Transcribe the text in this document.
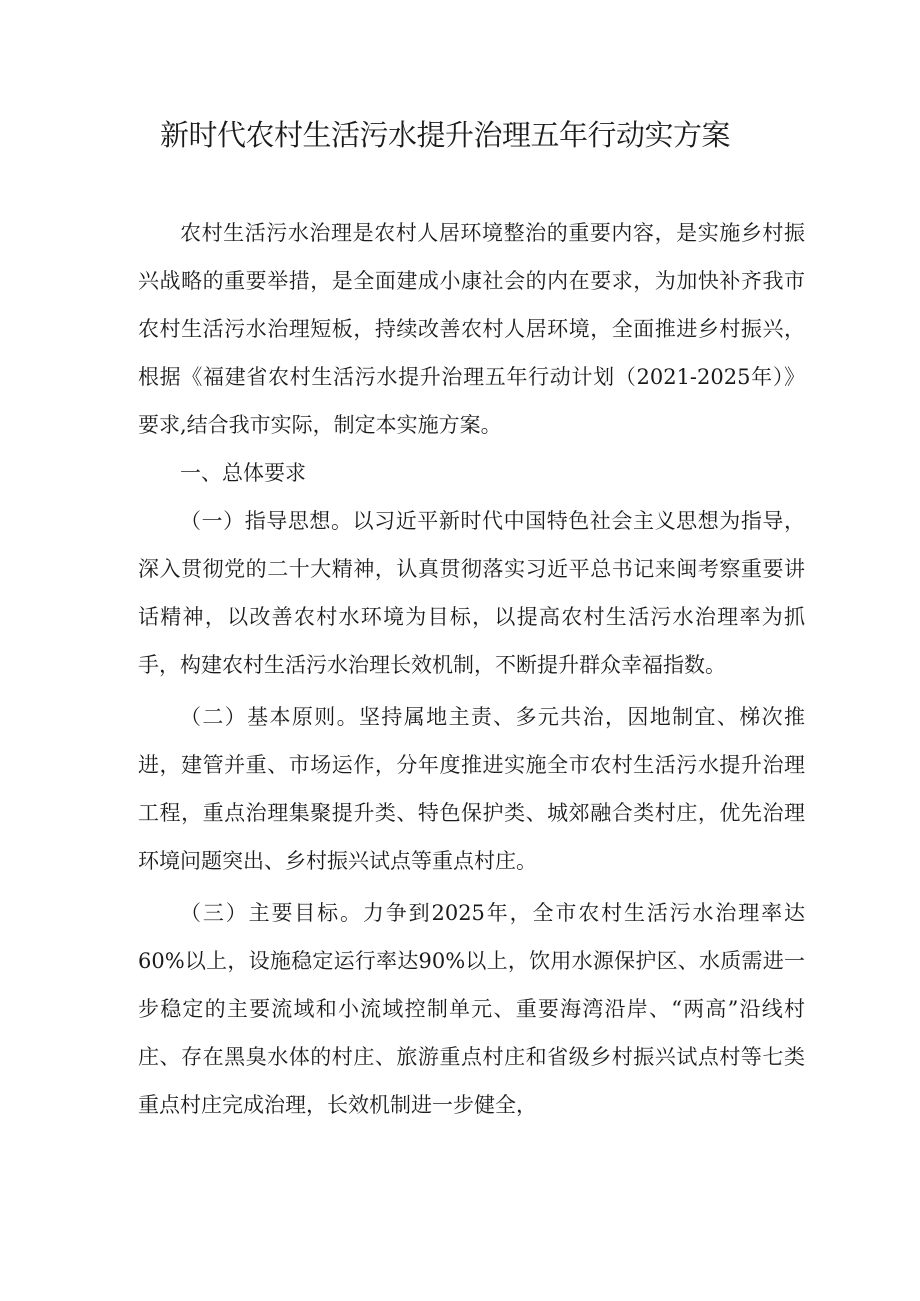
新时代农村生活污水提升治理五年行动实方案

农村生活污水治理是农村人居环境整治的重要内容，是实施乡村振兴战略的重要举措，是全面建成小康社会的内在要求，为加快补齐我市农村生活污水治理短板，持续改善农村人居环境，全面推进乡村振兴，根据《福建省农村生活污水提升治理五年行动计划（2021-2025年）》要求,结合我市实际，制定本实施方案。

一、总体要求

（一）指导思想。以习近平新时代中国特色社会主义思想为指导，深入贯彻党的二十大精神，认真贯彻落实习近平总书记来闽考察重要讲话精神，以改善农村水环境为目标，以提高农村生活污水治理率为抓手，构建农村生活污水治理长效机制，不断提升群众幸福指数。

（二）基本原则。坚持属地主责、多元共治，因地制宜、梯次推进，建管并重、市场运作，分年度推进实施全市农村生活污水提升治理工程，重点治理集聚提升类、特色保护类、城郊融合类村庄，优先治理环境问题突出、乡村振兴试点等重点村庄。

（三）主要目标。力争到2025年，全市农村生活污水治理率达60%以上，设施稳定运行率达90%以上，饮用水源保护区、水质需进一步稳定的主要流域和小流域控制单元、重要海湾沿岸、“两高”沿线村庄、存在黑臭水体的村庄、旅游重点村庄和省级乡村振兴试点村等七类重点村庄完成治理，长效机制进一步健全，
